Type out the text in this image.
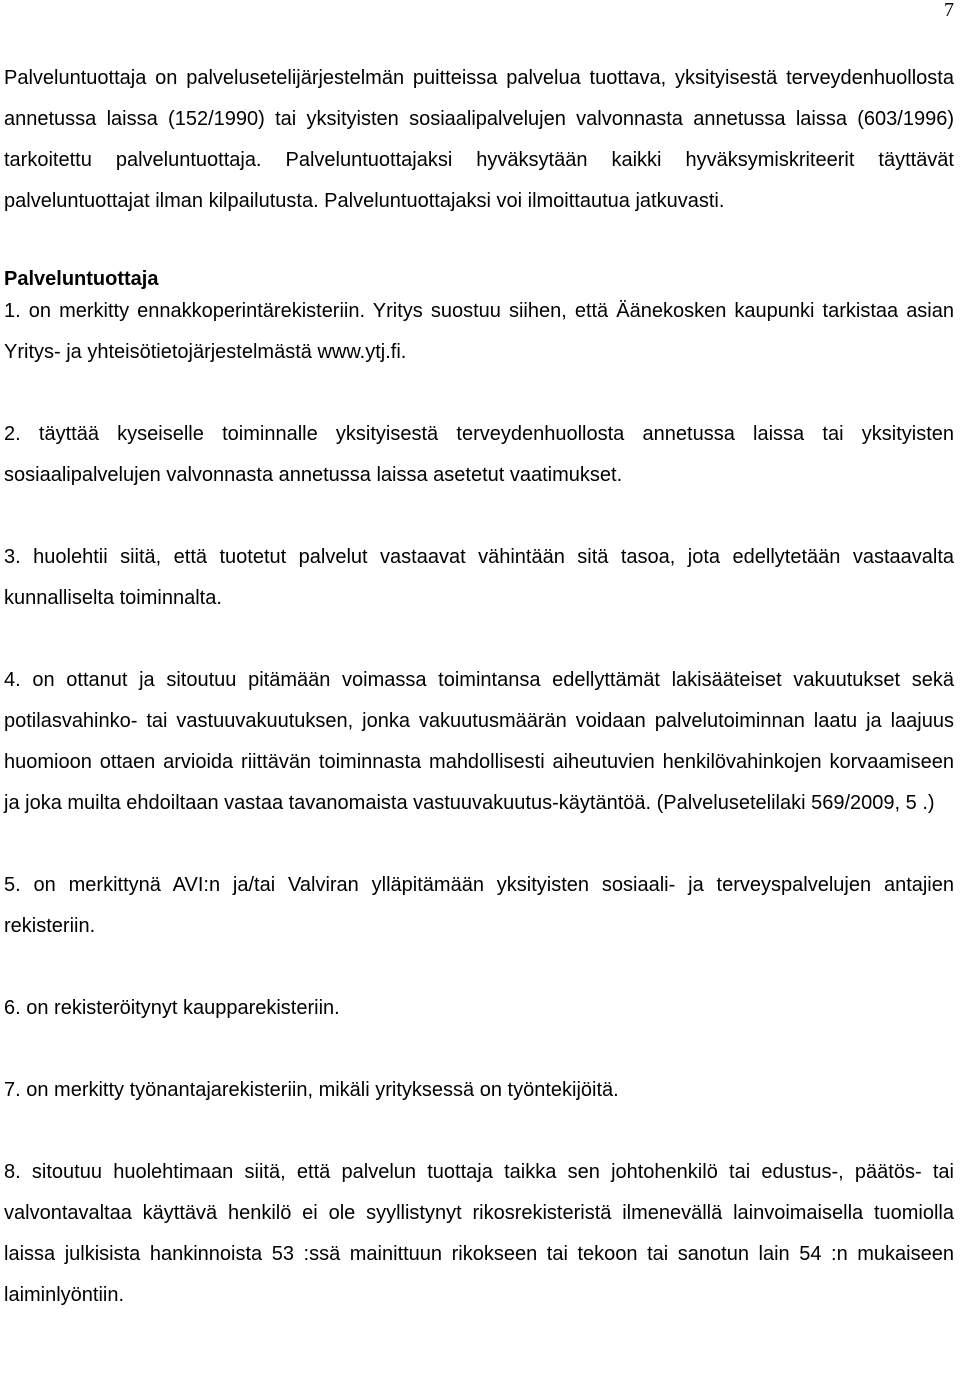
7

Palveluntuottaja on palvelusetelijärjestelmän puitteissa palvelua tuottava, yksityisestä terveydenhuollosta annetussa laissa (152/1990) tai yksityisten sosiaalipalvelujen valvonnasta annetussa laissa (603/1996) tarkoitettu palveluntuottaja. Palveluntuottajaksi hyväksytään kaikki hyväksymiskriteerit täyttävät palveluntuottajat ilman kilpailutusta. Palveluntuottajaksi voi ilmoittautua jatkuvasti.

Palveluntuottaja

1. on merkitty ennakkoperintärekisteriin. Yritys suostuu siihen, että Äänekosken kaupunki tarkistaa asian Yritys- ja yhteisötietojärjestelmästä www.ytj.fi.

2. täyttää kyseiselle toiminnalle yksityisestä terveydenhuollosta annetussa laissa tai yksityisten sosiaalipalvelujen valvonnasta annetussa laissa asetetut vaatimukset.

3. huolehtii siitä, että tuotetut palvelut vastaavat vähintään sitä tasoa, jota edellytetään vastaavalta kunnalliselta toiminnalta.

4. on ottanut ja sitoutuu pitämään voimassa toimintansa edellyttämät lakisääteiset vakuutukset sekä potilasvahinko- tai vastuuvakuutuksen, jonka vakuutusmäärän voidaan palvelutoiminnan laatu ja laajuus huomioon ottaen arvioida riittävän toiminnasta mahdollisesti aiheutuvien henkilövahinkojen korvaamiseen ja joka muilta ehdoiltaan vastaa tavanomaista vastuuvakuutus-käytäntöä. (Palvelusetelilaki 569/2009, 5 .)

5. on merkittynä AVI:n ja/tai Valviran ylläpitämään yksityisten sosiaali- ja terveyspalvelujen antajien rekisteriin.

6. on rekisteröitynyt kaupparekisteriin.

7. on merkitty työnantajarekisteriin, mikäli yrityksessä on työntekijöitä.

8. sitoutuu huolehtimaan siitä, että palvelun tuottaja taikka sen johtohenkilö tai edustus-, päätös- tai valvontavaltaa käyttävä henkilö ei ole syyllistynyt rikosrekisteristä ilmenevällä lainvoimaisella tuomiolla laissa julkisista hankinnoista 53 :ssä mainittuun rikokseen tai tekoon tai sanotun lain 54 :n mukaiseen laiminlyöntiin.
